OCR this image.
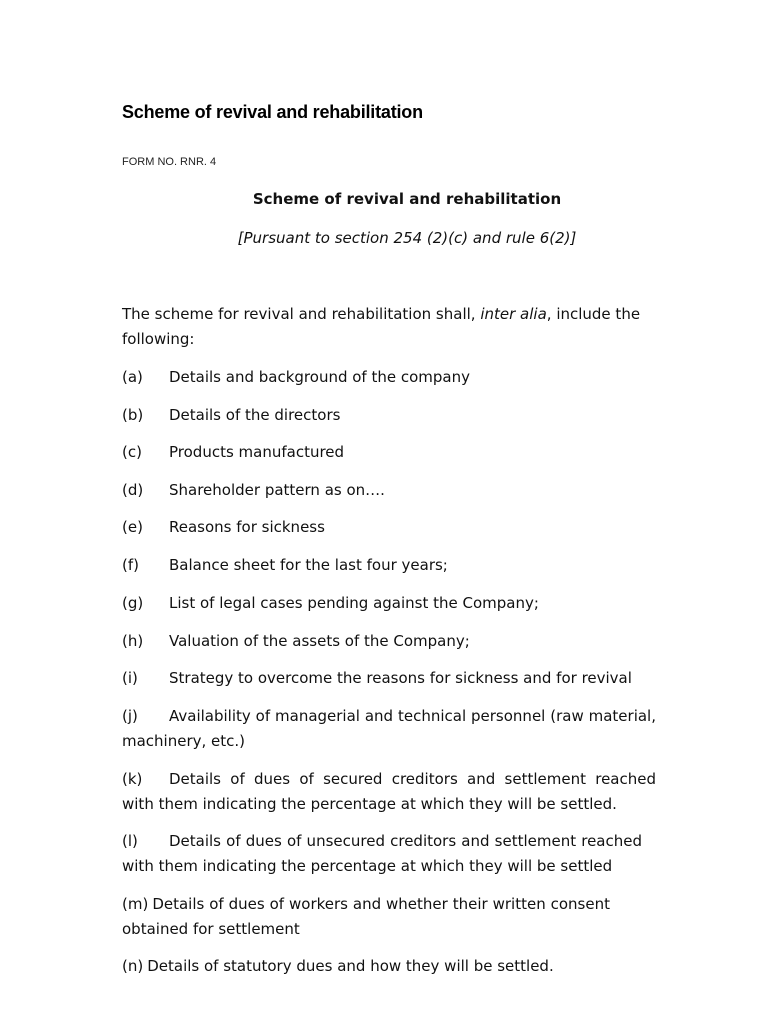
Scheme of revival and rehabilitation
FORM NO. RNR. 4
Scheme of revival and rehabilitation
[Pursuant to section 254 (2)(c) and rule 6(2)]

The scheme for revival and rehabilitation shall, inter alia, include the following:

(a) Details and background of the company
(b) Details of the directors
(c) Products manufactured
(d) Shareholder pattern as on….
(e) Reasons for sickness
(f) Balance sheet for the last four years;
(g) List of legal cases pending against the Company;
(h) Valuation of the assets of the Company;
(i) Strategy to overcome the reasons for sickness and for revival
(j) Availability of managerial and technical personnel (raw material, machinery, etc.)
(k) Details of dues of secured creditors and settlement reached with them indicating the percentage at which they will be settled.
(l) Details of dues of unsecured creditors and settlement reached with them indicating the percentage at which they will be settled
(m) Details of dues of workers and whether their written consent obtained for settlement
(n) Details of statutory dues and how they will be settled.
